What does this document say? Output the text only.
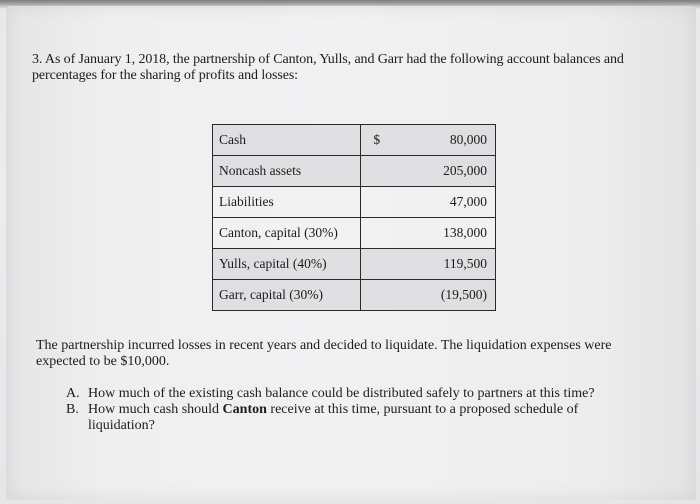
3. As of January 1, 2018, the partnership of Canton, Yulls, and Garr had the following account balances and percentages for the sharing of profits and losses:
Cash	$ 80,000
Noncash assets	205,000
Liabilities	47,000
Canton, capital (30%)	138,000
Yulls, capital (40%)	119,500
Garr, capital (30%)	(19,500)
The partnership incurred losses in recent years and decided to liquidate. The liquidation expenses were expected to be $10,000.
A. How much of the existing cash balance could be distributed safely to partners at this time?
B. How much cash should Canton receive at this time, pursuant to a proposed schedule of liquidation?
